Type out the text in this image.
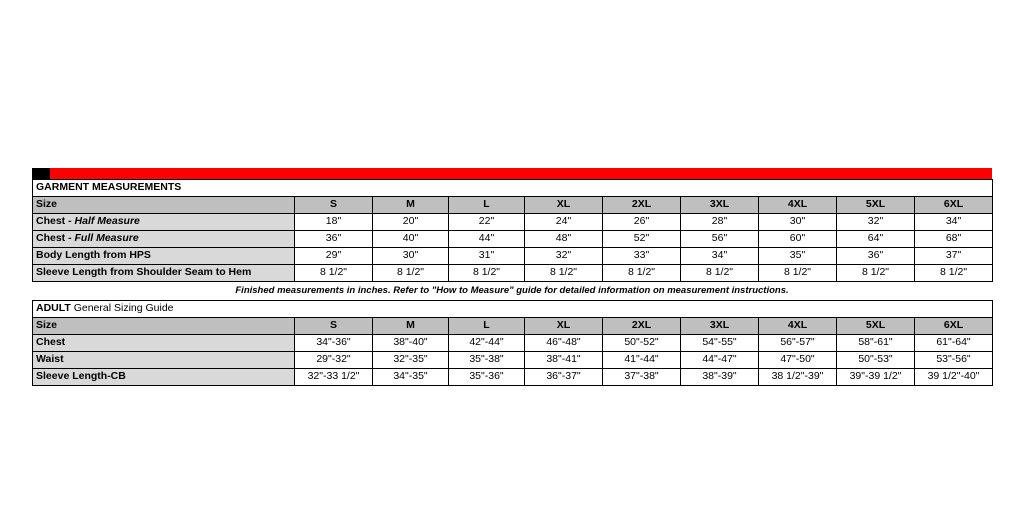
GARMENT MEASUREMENTS									
Size	S	M	L	XL	2XL	3XL	4XL	5XL	6XL
Chest - Half Measure	18"	20"	22"	24"	26"	28"	30"	32"	34"
Chest - Full Measure	36"	40"	44"	48"	52"	56"	60"	64"	68"
Body Length from HPS	29"	30"	31"	32"	33"	34"	35"	36"	37"
Sleeve Length from Shoulder Seam to Hem	8 1/2"	8 1/2"	8 1/2"	8 1/2"	8 1/2"	8 1/2"	8 1/2"	8 1/2"	8 1/2"
Finished measurements in inches. Refer to "How to Measure" guide for detailed information on measurement instructions.
ADULT General Sizing Guide									
Size	S	M	L	XL	2XL	3XL	4XL	5XL	6XL
Chest	34"-36"	38"-40"	42"-44"	46"-48"	50"-52"	54"-55"	56"-57"	58"-61"	61"-64"
Waist	29"-32"	32"-35"	35"-38"	38"-41"	41"-44"	44"-47"	47"-50"	50"-53"	53"-56"
Sleeve Length-CB	32"-33 1/2"	34"-35"	35"-36"	36"-37"	37"-38"	38"-39"	38 1/2"-39"	39"-39 1/2"	39 1/2"-40"
